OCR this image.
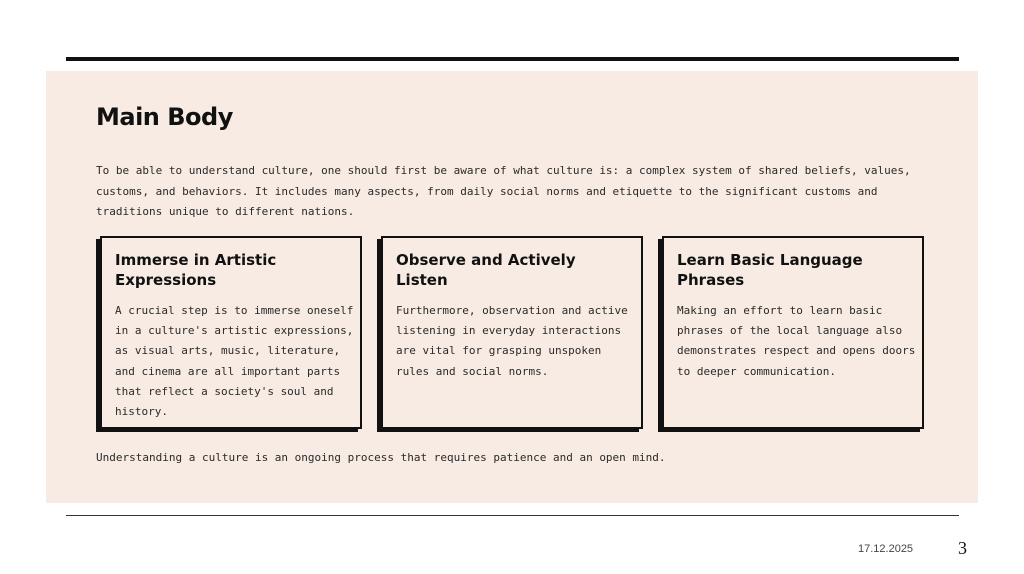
Main Body

To be able to understand culture, one should first be aware of what culture is: a complex system of shared beliefs, values, customs, and behaviors. It includes many aspects, from daily social norms and etiquette to the significant customs and traditions unique to different nations.

Immerse in Artistic Expressions

A crucial step is to immerse oneself in a culture's artistic expressions, as visual arts, music, literature, and cinema are all important parts that reflect a society's soul and history.

Observe and Actively Listen

Furthermore, observation and active listening in everyday interactions are vital for grasping unspoken rules and social norms.

Learn Basic Language Phrases

Making an effort to learn basic phrases of the local language also demonstrates respect and opens doors to deeper communication.

Understanding a culture is an ongoing process that requires patience and an open mind.

17.12.2025 3
